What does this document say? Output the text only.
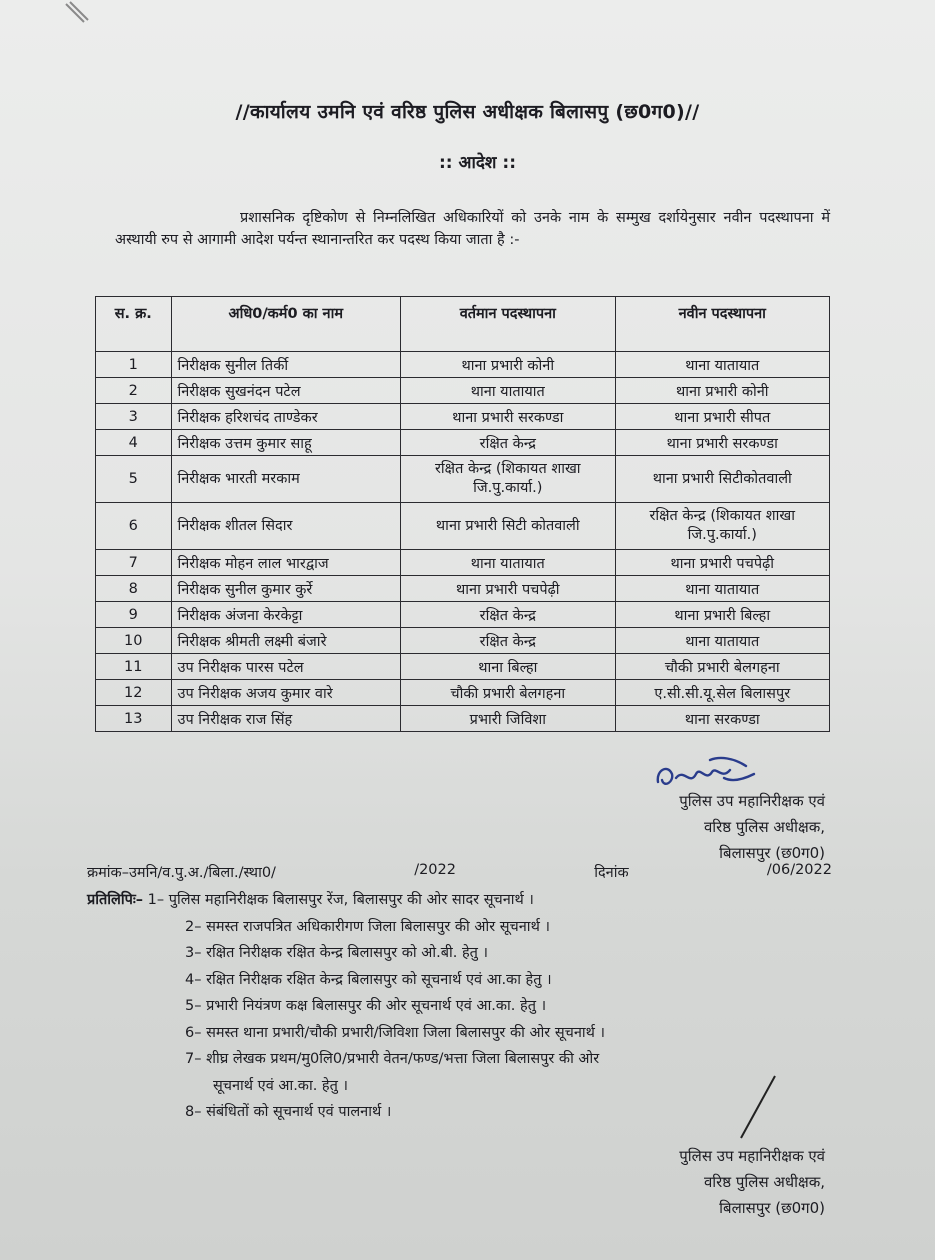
//कार्यालय उमनि एवं वरिष्ठ पुलिस अधीक्षक बिलासपु (छ0ग0)//
:: आदेश ::
प्रशासनिक दृष्टिकोण से निम्नलिखित अधिकारियों को उनके नाम के सम्मुख दर्शायेनुसार नवीन पदस्थापना में अस्थायी रुप से आगामी आदेश पर्यन्त स्थानान्तरित कर पदस्थ किया जाता है :-
स. क्र.	अधि0/कर्म0 का नाम	वर्तमान पदस्थापना	नवीन पदस्थापना
1	निरीक्षक सुनील तिर्की	थाना प्रभारी कोनी	थाना यातायात
2	निरीक्षक सुखनंदन पटेल	थाना यातायात	थाना प्रभारी कोनी
3	निरीक्षक हरिशचंद ताण्डेकर	थाना प्रभारी सरकण्डा	थाना प्रभारी सीपत
4	निरीक्षक उत्तम कुमार साहू	रक्षित केन्द्र	थाना प्रभारी सरकण्डा
5	निरीक्षक भारती मरकाम	रक्षित केन्द्र (शिकायत शाखा जि.पु.कार्या.)	थाना प्रभारी सिटीकोतवाली
6	निरीक्षक शीतल सिदार	थाना प्रभारी सिटी कोतवाली	रक्षित केन्द्र (शिकायत शाखा जि.पु.कार्या.)
7	निरीक्षक मोहन लाल भारद्वाज	थाना यातायात	थाना प्रभारी पचपेढ़ी
8	निरीक्षक सुनील कुमार कुर्रे	थाना प्रभारी पचपेढ़ी	थाना यातायात
9	निरीक्षक अंजना केरकेट्टा	रक्षित केन्द्र	थाना प्रभारी बिल्हा
10	निरीक्षक श्रीमती लक्ष्मी बंजारे	रक्षित केन्द्र	थाना यातायात
11	उप निरीक्षक पारस पटेल	थाना बिल्हा	चौकी प्रभारी बेलगहना
12	उप निरीक्षक अजय कुमार वारे	चौकी प्रभारी बेलगहना	ए.सी.सी.यू.सेल बिलासपुर
13	उप निरीक्षक राज सिंह	प्रभारी जिविशा	थाना सरकण्डा
पुलिस उप महानिरीक्षक एवं
वरिष्ठ पुलिस अधीक्षक,
बिलासपुर (छ0ग0)
क्रमांक–उमनि/व.पु.अ./बिला./स्था0/	/2022	दिनांक	/06/2022
प्रतिलिपिः– 1– पुलिस महानिरीक्षक बिलासपुर रेंज, बिलासपुर की ओर सादर सूचनार्थ ।
2– समस्त राजपत्रित अधिकारीगण जिला बिलासपुर की ओर सूचनार्थ ।
3– रक्षित निरीक्षक रक्षित केन्द्र बिलासपुर को ओ.बी. हेतु ।
4– रक्षित निरीक्षक रक्षित केन्द्र बिलासपुर को सूचनार्थ एवं आ.का हेतु ।
5– प्रभारी नियंत्रण कक्ष बिलासपुर की ओर सूचनार्थ एवं आ.का. हेतु ।
6– समस्त थाना प्रभारी/चौकी प्रभारी/जिविशा जिला बिलासपुर की ओर सूचनार्थ ।
7– शीघ्र लेखक प्रथम/मु0लि0/प्रभारी वेतन/फण्ड/भत्ता जिला बिलासपुर की ओर
सूचनार्थ एवं आ.का. हेतु ।
8– संबंधितों को सूचनार्थ एवं पालनार्थ ।
पुलिस उप महानिरीक्षक एवं
वरिष्ठ पुलिस अधीक्षक,
बिलासपुर (छ0ग0)
